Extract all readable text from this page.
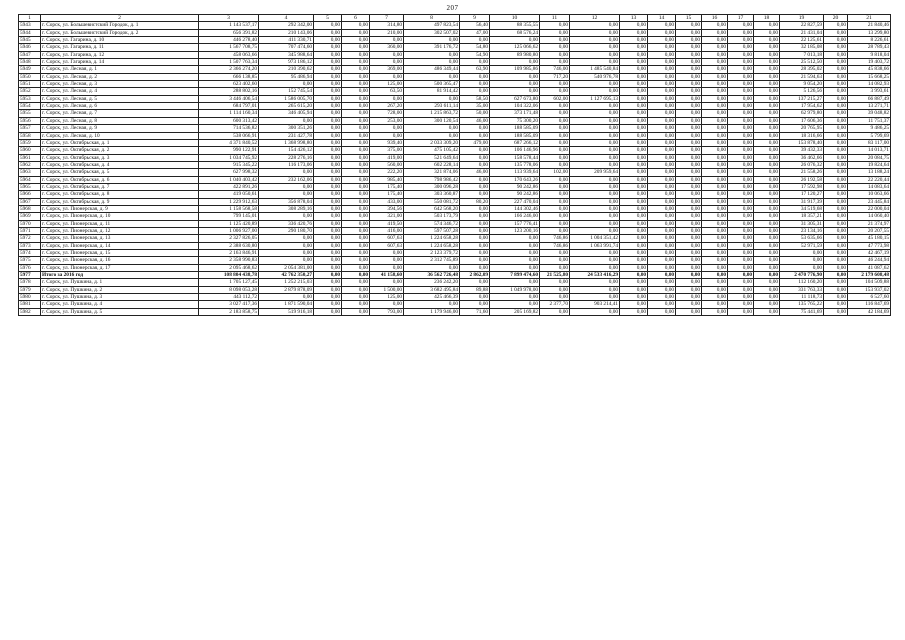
207
1	2	3	4	5	6	7	8	9	10	11	12	13	14	15	16	17	18	19	20	21
5943	г. Сорск, ул. Большевистский Городок, д. 1	1 143 537,17	292 342,00	0,00	0,00	314,80	497 823,54	56,40	88 355,55	0,00	0,00	0,00	0,00	0,00	0,00	0,00	0,00	22 827,59	0,00	21 840,46
5944	г. Сорск, ул. Большевистский Городок, д. 2	656 391,82	210 143,06	0,00	0,00	210,00	302 507,02	47,00	68 576,24	0,00	0,00	0,00	0,00	0,00	0,00	0,00	0,00	21 431,04	0,00	13 299,80
5945	г. Сорск, ул. Гагарина, д. 10	446 278,40	411 330,71	0,00	0,00	0,00	0,00	0,00	0,00	0,00	0,00	0,00	0,00	0,00	0,00	0,00	0,00	22 125,61	0,00	8 226,61
5946	г. Сорск, ул. Гагарина, д. 11	1 567 708,75	707 474,60	0,00	0,00	360,00	391 176,72	54,80	125 066,62	0,00	0,00	0,00	0,00	0,00	0,00	0,00	0,00	32 185,08	0,00	28 789,43
5947	г. Сорск, ул. Гагарина, д. 12	458 063,66	345 988,64	0,00	0,00	0,00	0,00	54,90	89 980,80	0,00	0,00	0,00	0,00	0,00	0,00	0,00	0,00	7 013,18	0,00	9 818,04
5948	г. Сорск, ул. Гагарина, д. 14	1 507 763,34	973 186,12	0,00	0,00	0,00	0,00	0,00	0,00	0,00	0,00	0,00	0,00	0,00	0,00	0,00	0,00	25 512,50	0,00	19 403,72
5949	г. Сорск, ул. Лесная, д. 1	2 366 274,20	210 390,62	0,00	0,00	369,00	486 349,44	63,90	109 985,86	746,00	1 485 540,84	0,00	0,00	0,00	0,00	0,00	0,00	28 395,02	0,00	45 838,66
5950	г. Сорск, ул. Лесная, д. 2	666 138,85	95 486,94	0,00	0,00	0,00	0,00	0,00	0,00	717,20	540 976,78	0,00	0,00	0,00	0,00	0,00	0,00	21 594,63	0,00	15 668,25
5951	г. Сорск, ул. Лесная, д. 3	623 402,60	0,00	0,00	0,00	125,00	500 365,47	0,00	0,00	0,00	0,00	0,00	0,00	0,00	0,00	0,00	0,00	9 054,20	0,00	14 082,93
5952	г. Сорск, ул. Лесная, д. 4	288 802,16	152 745,54	0,00	0,00	63,50	81 914,42	0,00	0,00	0,00	0,00	0,00	0,00	0,00	0,00	0,00	0,00	5 126,56	0,00	3 993,61
5953	г. Сорск, ул. Лесная, д. 5	3 446 406,54	1 586 005,70	0,00	0,00	0,00	0,00	58,50	627 673,80	602,00	1 127 695,13	0,00	0,00	0,00	0,00	0,00	0,00	137 215,27	0,00	66 887,49
5954	г. Сорск, ул. Лесная, д. 6	684 797,01	265 615,20	0,00	0,00	267,20	293 611,14	35,00	104 322,06	0,00	0,00	0,00	0,00	0,00	0,00	0,00	0,00	17 954,62	0,00	13 271,71
5955	г. Сорск, ул. Лесная, д. 7	1 114 160,34	346 405,94	0,00	0,00	728,00	1 215 863,72	50,00	373 171,48	0,00	0,00	0,00	0,00	0,00	0,00	0,00	0,00	62 979,80	0,00	39 048,82
5956	г. Сорск, ул. Лесная, д. 8	600 313,42	0,00	0,00	0,00	253,00	300 120,54	46,00	75 300,20	0,00	0,00	0,00	0,00	0,00	0,00	0,00	0,00	17 606,36	0,00	11 751,37
5957	г. Сорск, ул. Лесная, д. 9	714 536,82	300 351,26	0,00	0,00	0,00	0,00	0,00	188 585,09	0,00	0,00	0,00	0,00	0,00	0,00	0,00	0,00	20 765,95	0,00	9 486,25
5958	г. Сорск, ул. Лесная, д. 10	538 066,91	231 427,78	0,00	0,00	0,00	0,00	0,00	188 585,09	0,00	0,00	0,00	0,00	0,00	0,00	0,00	0,00	18 316,66	0,00	5 799,69
5959	г. Сорск, ул. Октябрьская, д. 1	4 371 840,52	1 368 998,80	0,00	0,00	939,40	2 033 309,20	479,00	687 266,12	0,00	0,00	0,00	0,00	0,00	0,00	0,00	0,00	153 878,40	0,00	83 117,00
5960	г. Сорск, ул. Октябрьская, д. 2	990 122,91	154 426,12	0,00	0,00	375,00	475 105,42	0,00	106 146,96	0,00	0,00	0,00	0,00	0,00	0,00	0,00	0,00	39 432,33	0,00	14 013,71
5961	г. Сорск, ул. Октябрьская, д. 3	1 034 745,92	228 276,16	0,00	0,00	419,00	521 649,64	0,00	158 578,44	0,00	0,00	0,00	0,00	0,00	0,00	0,00	0,00	36 462,66	0,00	20 084,75
5962	г. Сорск, ул. Октябрьская, д. 4	915 345,22	116 173,06	0,00	0,00	560,00	602 228,14	0,00	135 778,06	0,00	0,00	0,00	0,00	0,00	0,00	0,00	0,00	26 076,32	0,00	19 824,64
5963	г. Сорск, ул. Октябрьская, д. 5	627 998,32	0,00	0,00	0,00	222,20	321 874,06	46,00	113 939,64	102,00	209 959,64	0,00	0,00	0,00	0,00	0,00	0,00	21 558,26	0,00	13 188,24
5964	г. Сорск, ул. Октябрьская, д. 6	1 040 403,42	232 162,06	0,00	0,00	985,40	798 986,42	0,00	170 643,26	0,00	0,00	0,00	0,00	0,00	0,00	0,00	0,00	26 192,58	0,00	22 220,44
5965	г. Сорск, ул. Октябрьская, д. 7	422 891,26	0,00	0,00	0,00	175,40	300 096,28	0,00	90 242,86	0,00	0,00	0,00	0,00	0,00	0,00	0,00	0,00	17 592,98	0,00	14 083,64
5966	г. Сорск, ул. Октябрьская, д. 8	419 050,61	0,00	0,00	0,00	175,40	303 360,87	0,00	90 242,86	0,00	0,00	0,00	0,00	0,00	0,00	0,00	0,00	17 120,27	0,00	10 063,66
5967	г. Сорск, ул. Октябрьская, д. 9	1 229 912,63	356 878,04	0,00	0,00	433,00	550 081,72	80,20	227 470,04	0,00	0,00	0,00	0,00	0,00	0,00	0,00	0,00	31 917,39	0,00	23 445,84
5968	г. Сорск, ул. Пионерская, д. 9	1 158 568,58	308 289,16	0,00	0,00	394,56	642 568,20	0,00	144 302,46	0,00	0,00	0,00	0,00	0,00	0,00	0,00	0,00	34 519,68	0,00	22 000,04
5969	г. Сорск, ул. Пионерская, д. 10	799 145,01	0,00	0,00	0,00	321,00	503 173,79	0,00	166 246,00	0,00	0,00	0,00	0,00	0,00	0,00	0,00	0,00	18 357,21	0,00	14 060,40
5970	г. Сорск, ул. Пионерская, д. 11	1 125 420,89	336 420,76	0,00	0,00	419,50	574 346,72	0,00	157 776,41	0,00	0,00	0,00	0,00	0,00	0,00	0,00	0,00	31 305,31	0,00	21 374,97
5971	г. Сорск, ул. Пионерская, д. 12	1 006 927,00	290 180,70	0,00	0,00	416,00	597 507,28	0,00	123 200,16	0,00	0,00	0,00	0,00	0,00	0,00	0,00	0,00	23 134,16	0,00	20 207,55
5972	г. Сорск, ул. Пионерская, д. 13	2 327 826,05	0,00	0,00	0,00	607,63	1 224 658,28	0,00	0,00	746,86	1 004 351,42	0,00	0,00	0,00	0,00	0,00	0,00	53 635,66	0,00	45 180,15
5973	г. Сорск, ул. Пионерская, д. 14	2 388 630,80	0,00	0,00	0,00	607,63	1 224 658,28	0,00	0,00	746,86	1 063 991,74	0,00	0,00	0,00	0,00	0,00	0,00	52 971,59	0,00	47 773,98
5974	г. Сорск, ул. Пионерская, д. 15	2 163 846,91	0,00	0,00	0,00	0,00	2 123 379,72	0,00	0,00	0,00	0,00	0,00	0,00	0,00	0,00	0,00	0,00	0,00	0,00	42 467,19
5975	г. Сорск, ул. Пионерская, д. 16	2 358 990,83	0,00	0,00	0,00	0,00	2 312 745,89	0,00	0,00	0,00	0,00	0,00	0,00	0,00	0,00	0,00	0,00	0,00	0,00	46 244,94
5976	г. Сорск, ул. Пионерская, д. 17	2 095 468,62	2 054 381,00	0,00	0,00	0,00	0,00	0,00	0,00	0,00	0,00	0,00	0,00	0,00	0,00	0,00	0,00	0,00	0,00	41 087,62
5977	Итого за 2016 год	108 804 438,78	42 762 350,27	0,00	0,00	41 158,60	36 562 726,48	2 862,09	7 899 474,60	21 525,80	24 533 416,29	0,00	0,00	0,00	0,00	0,00	0,00	2 470 776,90	0,00	2 179 608,48
5978	г. Сорск, ул. Пушкина, д. 1	1 705 127,45	1 252 215,03	0,00	0,00	0,00	236 242,20	0,00	0,00	0,00	0,00	0,00	0,00	0,00	0,00	0,00	0,00	112 160,20	0,00	104 509,88
5979	г. Сорск, ул. Пушкина, д. 2	8 098 053,28	2 879 878,09	0,00	0,00	1 500,00	3 682 495,84	89,88	1 049 978,00	0,00	0,00	0,00	0,00	0,00	0,00	0,00	0,00	331 763,33	0,00	153 937,02
5980	г. Сорск, ул. Пушкина, д. 3	443 112,72	0,00	0,00	0,00	125,00	425 466,39	0,00	0,00	0,00	0,00	0,00	0,00	0,00	0,00	0,00	0,00	11 118,73	0,00	6 527,60
5981	г. Сорск, ул. Пушкина, д. 4	3 027 417,36	1 871 590,04	0,00	0,00	0,00	0,00	0,00	0,00	2 377,70	903 214,41	0,00	0,00	0,00	0,00	0,00	0,00	135 765,22	0,00	116 847,69
5982	г. Сорск, ул. Пушкина, д. 5	2 183 858,75	519 916,18	0,00	0,00	793,00	1 179 946,00	71,60	205 169,82	0,00	0,00	0,00	0,00	0,00	0,00	0,00	0,00	75 441,69	0,00	42 184,69
